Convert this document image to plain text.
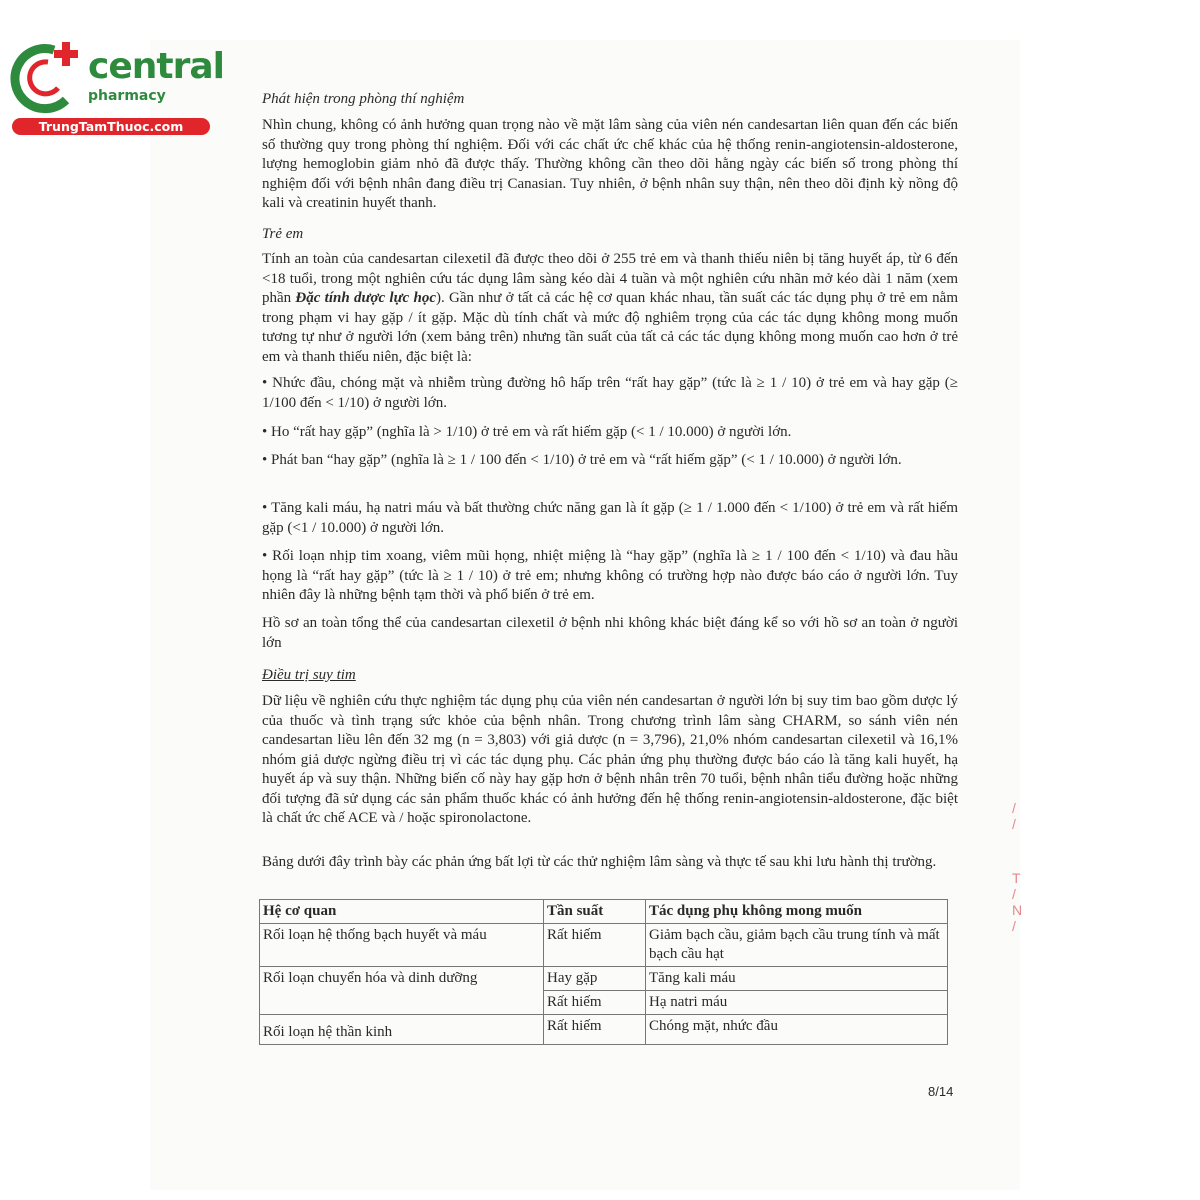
central
pharmacy
TrungTamThuoc.com
Phát hiện trong phòng thí nghiệm
Nhìn chung, không có ảnh hưởng quan trọng nào về mặt lâm sàng của viên nén candesartan liên quan đến các biến số thường quy trong phòng thí nghiệm. Đối với các chất ức chế khác của hệ thống renin-angiotensin-aldosterone, lượng hemoglobin giảm nhỏ đã được thấy. Thường không cần theo dõi hằng ngày các biến số trong phòng thí nghiệm đối với bệnh nhân đang điều trị Canasian. Tuy nhiên, ở bệnh nhân suy thận, nên theo dõi định kỳ nồng độ kali và creatinin huyết thanh.
Trẻ em
Tính an toàn của candesartan cilexetil đã được theo dõi ở 255 trẻ em và thanh thiếu niên bị tăng huyết áp, từ 6 đến <18 tuổi, trong một nghiên cứu tác dụng lâm sàng kéo dài 4 tuần và một nghiên cứu nhãn mở kéo dài 1 năm (xem phần Đặc tính dược lực học). Gần như ở tất cả các hệ cơ quan khác nhau, tần suất các tác dụng phụ ở trẻ em nằm trong phạm vi hay gặp / ít gặp. Mặc dù tính chất và mức độ nghiêm trọng của các tác dụng không mong muốn tương tự như ở người lớn (xem bảng trên) nhưng tần suất của tất cả các tác dụng không mong muốn cao hơn ở trẻ em và thanh thiếu niên, đặc biệt là:
• Nhức đầu, chóng mặt và nhiễm trùng đường hô hấp trên “rất hay gặp” (tức là ≥ 1 / 10) ở trẻ em và hay gặp (≥ 1/100 đến < 1/10) ở người lớn.
• Ho “rất hay gặp” (nghĩa là > 1/10) ở trẻ em và rất hiếm gặp (< 1 / 10.000) ở người lớn.
• Phát ban “hay gặp” (nghĩa là ≥ 1 / 100 đến < 1/10) ở trẻ em và “rất hiếm gặp” (< 1 / 10.000) ở người lớn.
• Tăng kali máu, hạ natri máu và bất thường chức năng gan là ít gặp (≥ 1 / 1.000 đến < 1/100) ở trẻ em và rất hiếm gặp (<1 / 10.000) ở người lớn.
• Rối loạn nhịp tim xoang, viêm mũi họng, nhiệt miệng là “hay gặp” (nghĩa là ≥ 1 / 100 đến < 1/10) và đau hầu họng là “rất hay gặp” (tức là ≥ 1 / 10) ở trẻ em; nhưng không có trường hợp nào được báo cáo ở người lớn. Tuy nhiên đây là những bệnh tạm thời và phổ biến ở trẻ em.
Hồ sơ an toàn tổng thể của candesartan cilexetil ở bệnh nhi không khác biệt đáng kể so với hồ sơ an toàn ở người lớn
Điều trị suy tim
Dữ liệu về nghiên cứu thực nghiệm tác dụng phụ của viên nén candesartan ở người lớn bị suy tim bao gồm dược lý của thuốc và tình trạng sức khỏe của bệnh nhân. Trong chương trình lâm sàng CHARM, so sánh viên nén candesartan liều lên đến 32 mg (n = 3,803) với giả dược (n = 3,796), 21,0% nhóm candesartan cilexetil và 16,1% nhóm giả dược ngừng điều trị vì các tác dụng phụ. Các phản ứng phụ thường được báo cáo là tăng kali huyết, hạ huyết áp và suy thận. Những biến cố này hay gặp hơn ở bệnh nhân trên 70 tuổi, bệnh nhân tiểu đường hoặc những đối tượng đã sử dụng các sản phẩm thuốc khác có ảnh hưởng đến hệ thống renin-angiotensin-aldosterone, đặc biệt là chất ức chế ACE và / hoặc spironolactone.
Bảng dưới đây trình bày các phản ứng bất lợi từ các thử nghiệm lâm sàng và thực tế sau khi lưu hành thị trường.
Hệ cơ quan	Tần suất	Tác dụng phụ không mong muốn
Rối loạn hệ thống bạch huyết và máu	Rất hiếm	Giảm bạch cầu, giảm bạch cầu trung tính và mất bạch cầu hạt
Rối loạn chuyển hóa và dinh dưỡng	Hay gặp	Tăng kali máu
	Rất hiếm	Hạ natri máu
Rối loạn hệ thần kinh	Rất hiếm	Chóng mặt, nhức đầu
8/14
/
/
T
/
N
/
